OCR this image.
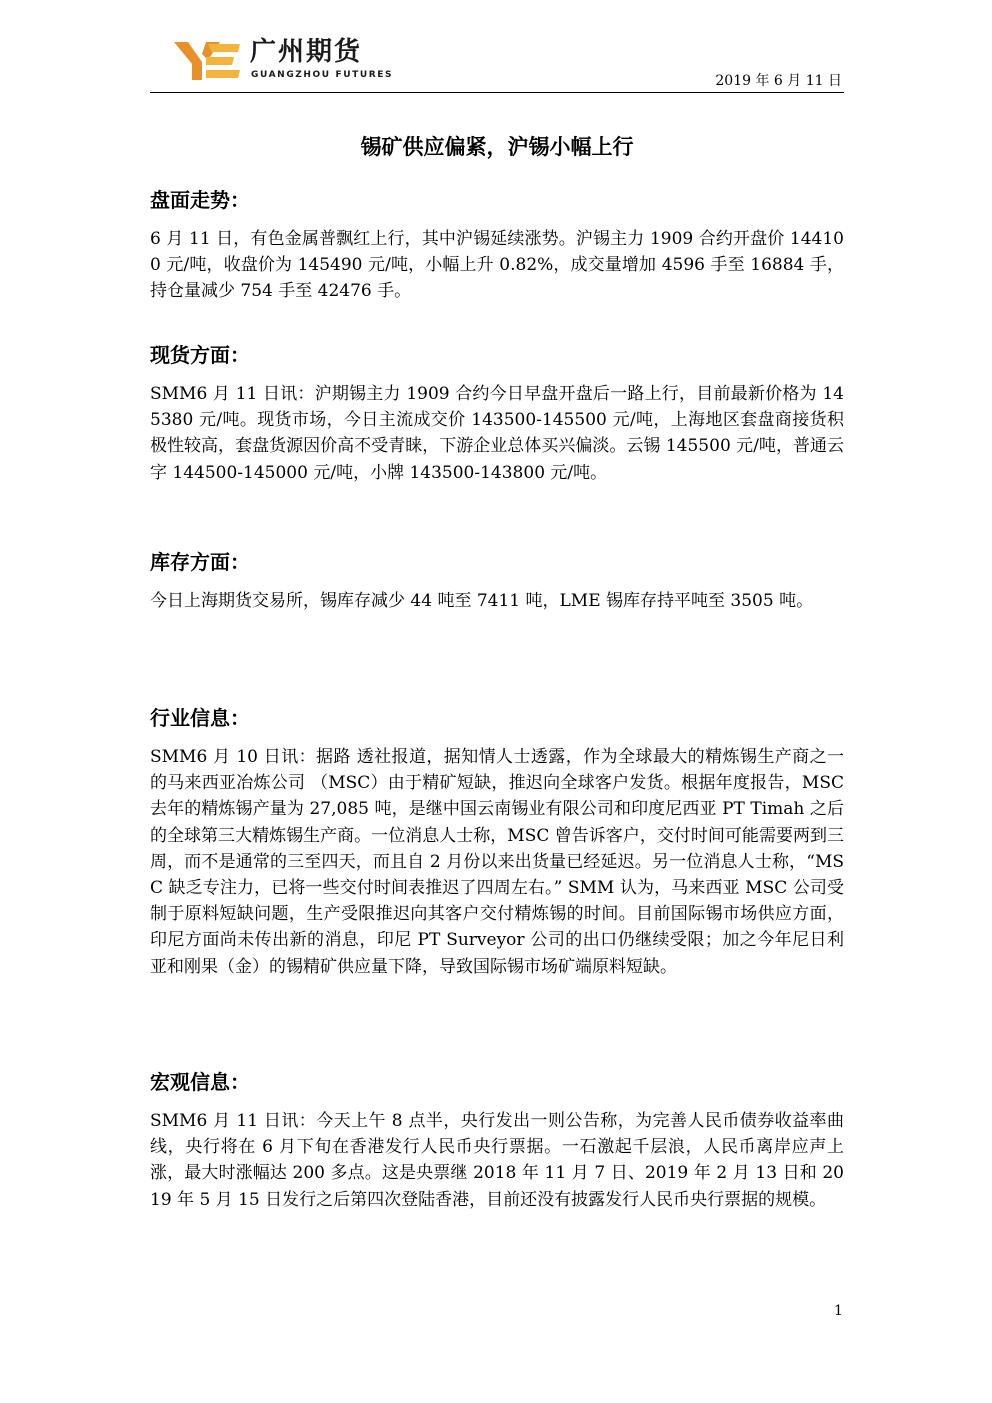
广州期货
GUANGZHOU FUTURES	2019 年 6 月 11 日
锡矿供应偏紧，沪锡小幅上行
盘面走势：

6 月 11 日，有色金属普飘红上行，其中沪锡延续涨势。沪锡主力 1909 合约开盘价 144100 元/吨，收盘价为 145490 元/吨，小幅上升 0.82%，成交量增加 4596 手至 16884 手，持仓量减少 754 手至 42476 手。

现货方面：

SMM6 月 11 日讯：沪期锡主力 1909 合约今日早盘开盘后一路上行，目前最新价格为 145380 元/吨。现货市场，今日主流成交价 143500-145500 元/吨，上海地区套盘商接货积极性较高，套盘货源因价高不受青睐，下游企业总体买兴偏淡。云锡 145500 元/吨，普通云字 144500-145000 元/吨，小牌 143500-143800 元/吨。

库存方面：

今日上海期货交易所，锡库存减少 44 吨至 7411 吨，LME 锡库存持平吨至 3505 吨。

行业信息：

SMM6 月 10 日讯：据路 透社报道，据知情人士透露，作为全球最大的精炼锡生产商之一的马来西亚冶炼公司 （MSC）由于精矿短缺，推迟向全球客户发货。根据年度报告，MSC 去年的精炼锡产量为 27,085 吨，是继中国云南锡业有限公司和印度尼西亚 PT Timah 之后的全球第三大精炼锡生产商。一位消息人士称，MSC 曾告诉客户，交付时间可能需要两到三周，而不是通常的三至四天，而且自 2 月份以来出货量已经延迟。另一位消息人士称，“MSC 缺乏专注力，已将一些交付时间表推迟了四周左右。” SMM 认为，马来西亚 MSC 公司受制于原料短缺问题，生产受限推迟向其客户交付精炼锡的时间。目前国际锡市场供应方面，印尼方面尚未传出新的消息，印尼 PT Surveyor 公司的出口仍继续受限；加之今年尼日利亚和刚果（金）的锡精矿供应量下降，导致国际锡市场矿端原料短缺。

宏观信息：

SMM6 月 11 日讯：今天上午 8 点半，央行发出一则公告称，为完善人民币债券收益率曲线，央行将在 6 月下旬在香港发行人民币央行票据。一石激起千层浪，人民币离岸应声上涨，最大时涨幅达 200 多点。这是央票继 2018 年 11 月 7 日、2019 年 2 月 13 日和 2019 年 5 月 15 日发行之后第四次登陆香港，目前还没有披露发行人民币央行票据的规模。

1
